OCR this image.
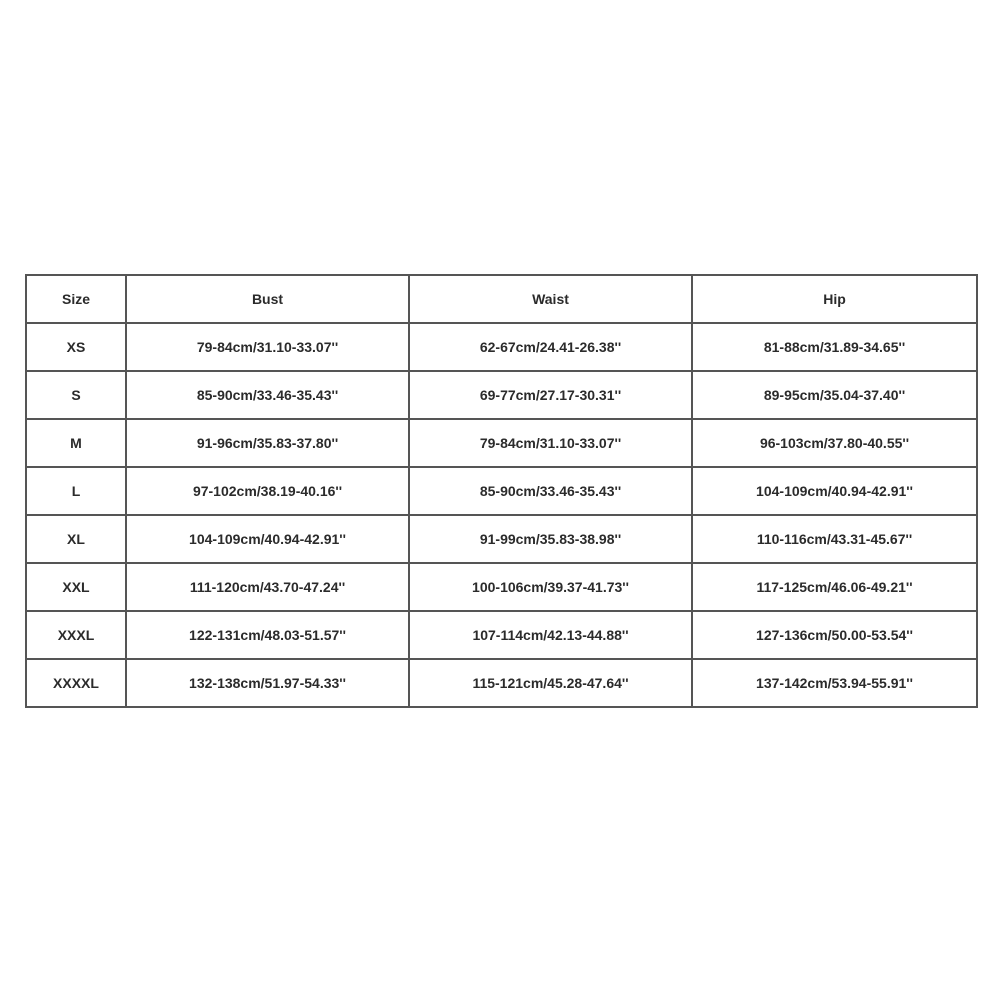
Size	Bust	Waist	Hip
XS	79-84cm/31.10-33.07''	62-67cm/24.41-26.38''	81-88cm/31.89-34.65''
S	85-90cm/33.46-35.43''	69-77cm/27.17-30.31''	89-95cm/35.04-37.40''
M	91-96cm/35.83-37.80''	79-84cm/31.10-33.07''	96-103cm/37.80-40.55''
L	97-102cm/38.19-40.16''	85-90cm/33.46-35.43''	104-109cm/40.94-42.91''
XL	104-109cm/40.94-42.91''	91-99cm/35.83-38.98''	110-116cm/43.31-45.67''
XXL	111-120cm/43.70-47.24''	100-106cm/39.37-41.73''	117-125cm/46.06-49.21''
XXXL	122-131cm/48.03-51.57''	107-114cm/42.13-44.88''	127-136cm/50.00-53.54''
XXXXL	132-138cm/51.97-54.33''	115-121cm/45.28-47.64''	137-142cm/53.94-55.91''
